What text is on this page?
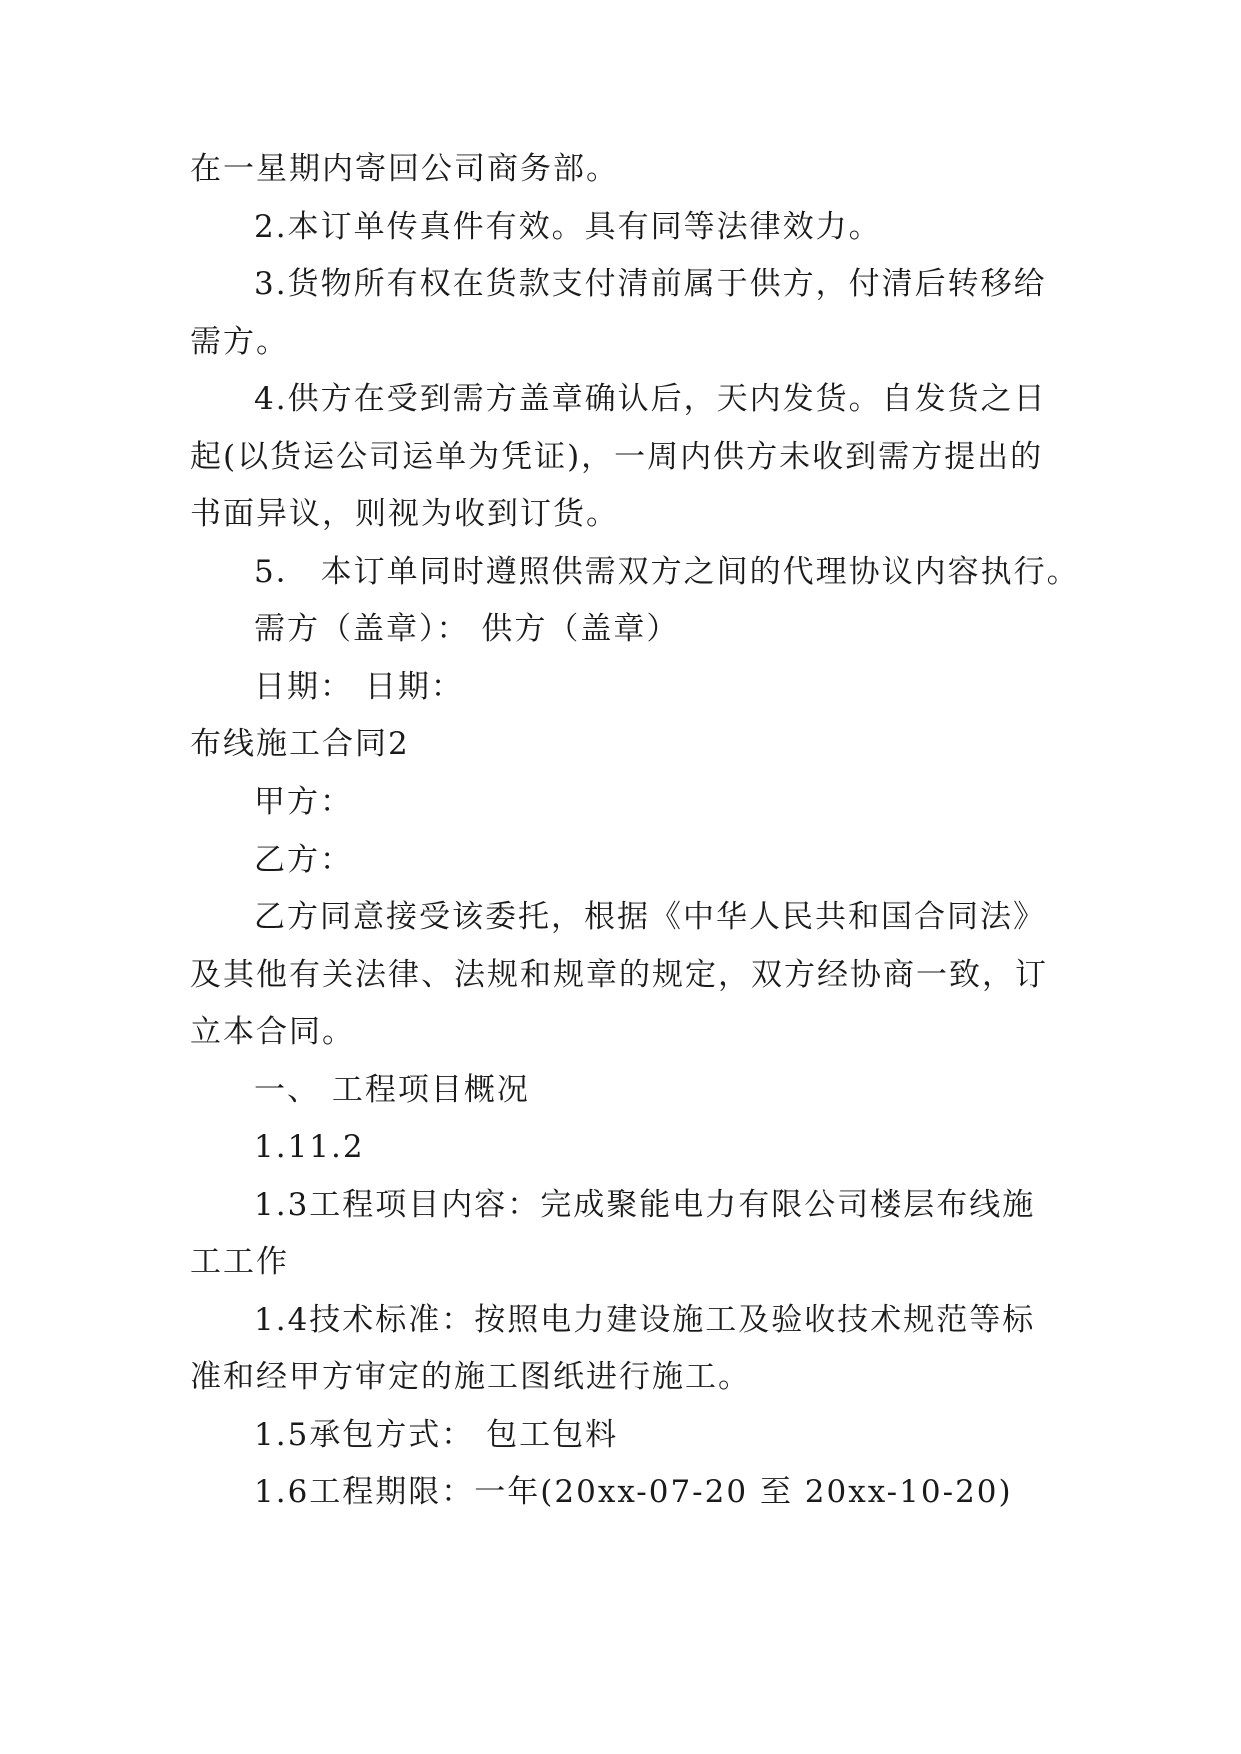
在一星期内寄回公司商务部。
2.本订单传真件有效。具有同等法律效力。
3.货物所有权在货款支付清前属于供方，付清后转移给
需方。
4.供方在受到需方盖章确认后，天内发货。自发货之日
起(以货运公司运单为凭证)，一周内供方未收到需方提出的
书面异议，则视为收到订货。
5． 本订单同时遵照供需双方之间的代理协议内容执行。
需方（盖章）： 供方（盖章）
日期： 日期：
布线施工合同2
甲方：
乙方：
乙方同意接受该委托，根据《中华人民共和国合同法》
及其他有关法律、法规和规章的规定，双方经协商一致，订
立本合同。
一、 工程项目概况
1.11.2
1.3工程项目内容：完成聚能电力有限公司楼层布线施
工工作
1.4技术标准：按照电力建设施工及验收技术规范等标
准和经甲方审定的施工图纸进行施工。
1.5承包方式： 包工包料
1.6工程期限：一年(20xx-07-20 至 20xx-10-20)
